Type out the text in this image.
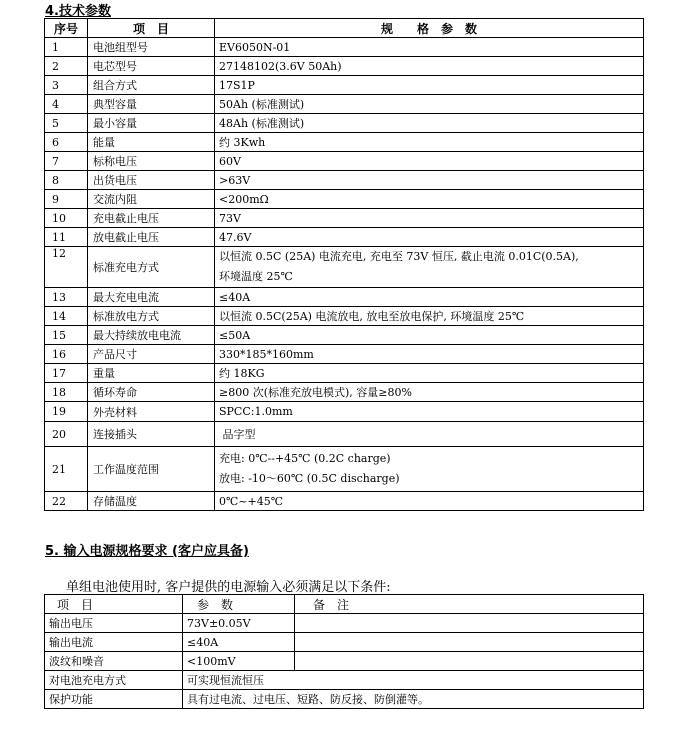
4.技术参数
序号	项　目	规　　格　参　数
1	电池组型号	EV6050N-01

2	电芯型号	27148102(3.6V 50Ah)

3	组合方式	17S1P

4	典型容量	50Ah (标准测试)

5	最小容量	48Ah (标准测试)

6	能量	约 3Kwh

7	标称电压	60V

8	出货电压	>63V

9	交流内阻	<200mΩ

10	充电截止电压	73V

11	放电截止电压	47.6V

12	标准充电方式	以恒流 0.5C (25A) 电流充电, 充电至 73V 恒压, 截止电流 0.01C(0.5A),
环境温度 25℃

13	最大充电电流	≤40A

14	标准放电方式	以恒流 0.5C(25A) 电流放电, 放电至放电保护, 环境温度 25℃

15	最大持续放电电流	≤50A

16	产品尺寸	330*185*160mm

17	重量	约 18KG

18	循环寿命	≥800 次(标准充放电模式), 容量≥80%

19	外壳材料	SPCC:1.0mm

20	连接插头	品字型

21	工作温度范围	充电: 0℃--+45℃ (0.2C charge)
放电: -10～60℃ (0.5C discharge)

22	存储温度	0℃~+45℃
5. 输入电源规格要求 (客户应具备)
单组电池使用时, 客户提供的电源输入必须满足以下条件:
项　目	参　数	备　注
输出电压	73V±0.05V	
输出电流	≤40A	
波纹和噪音	<100mV	
对电池充电方式	可实现恒流恒压	
保护功能	具有过电流、过电压、短路、防反接、防倒灌等。	
